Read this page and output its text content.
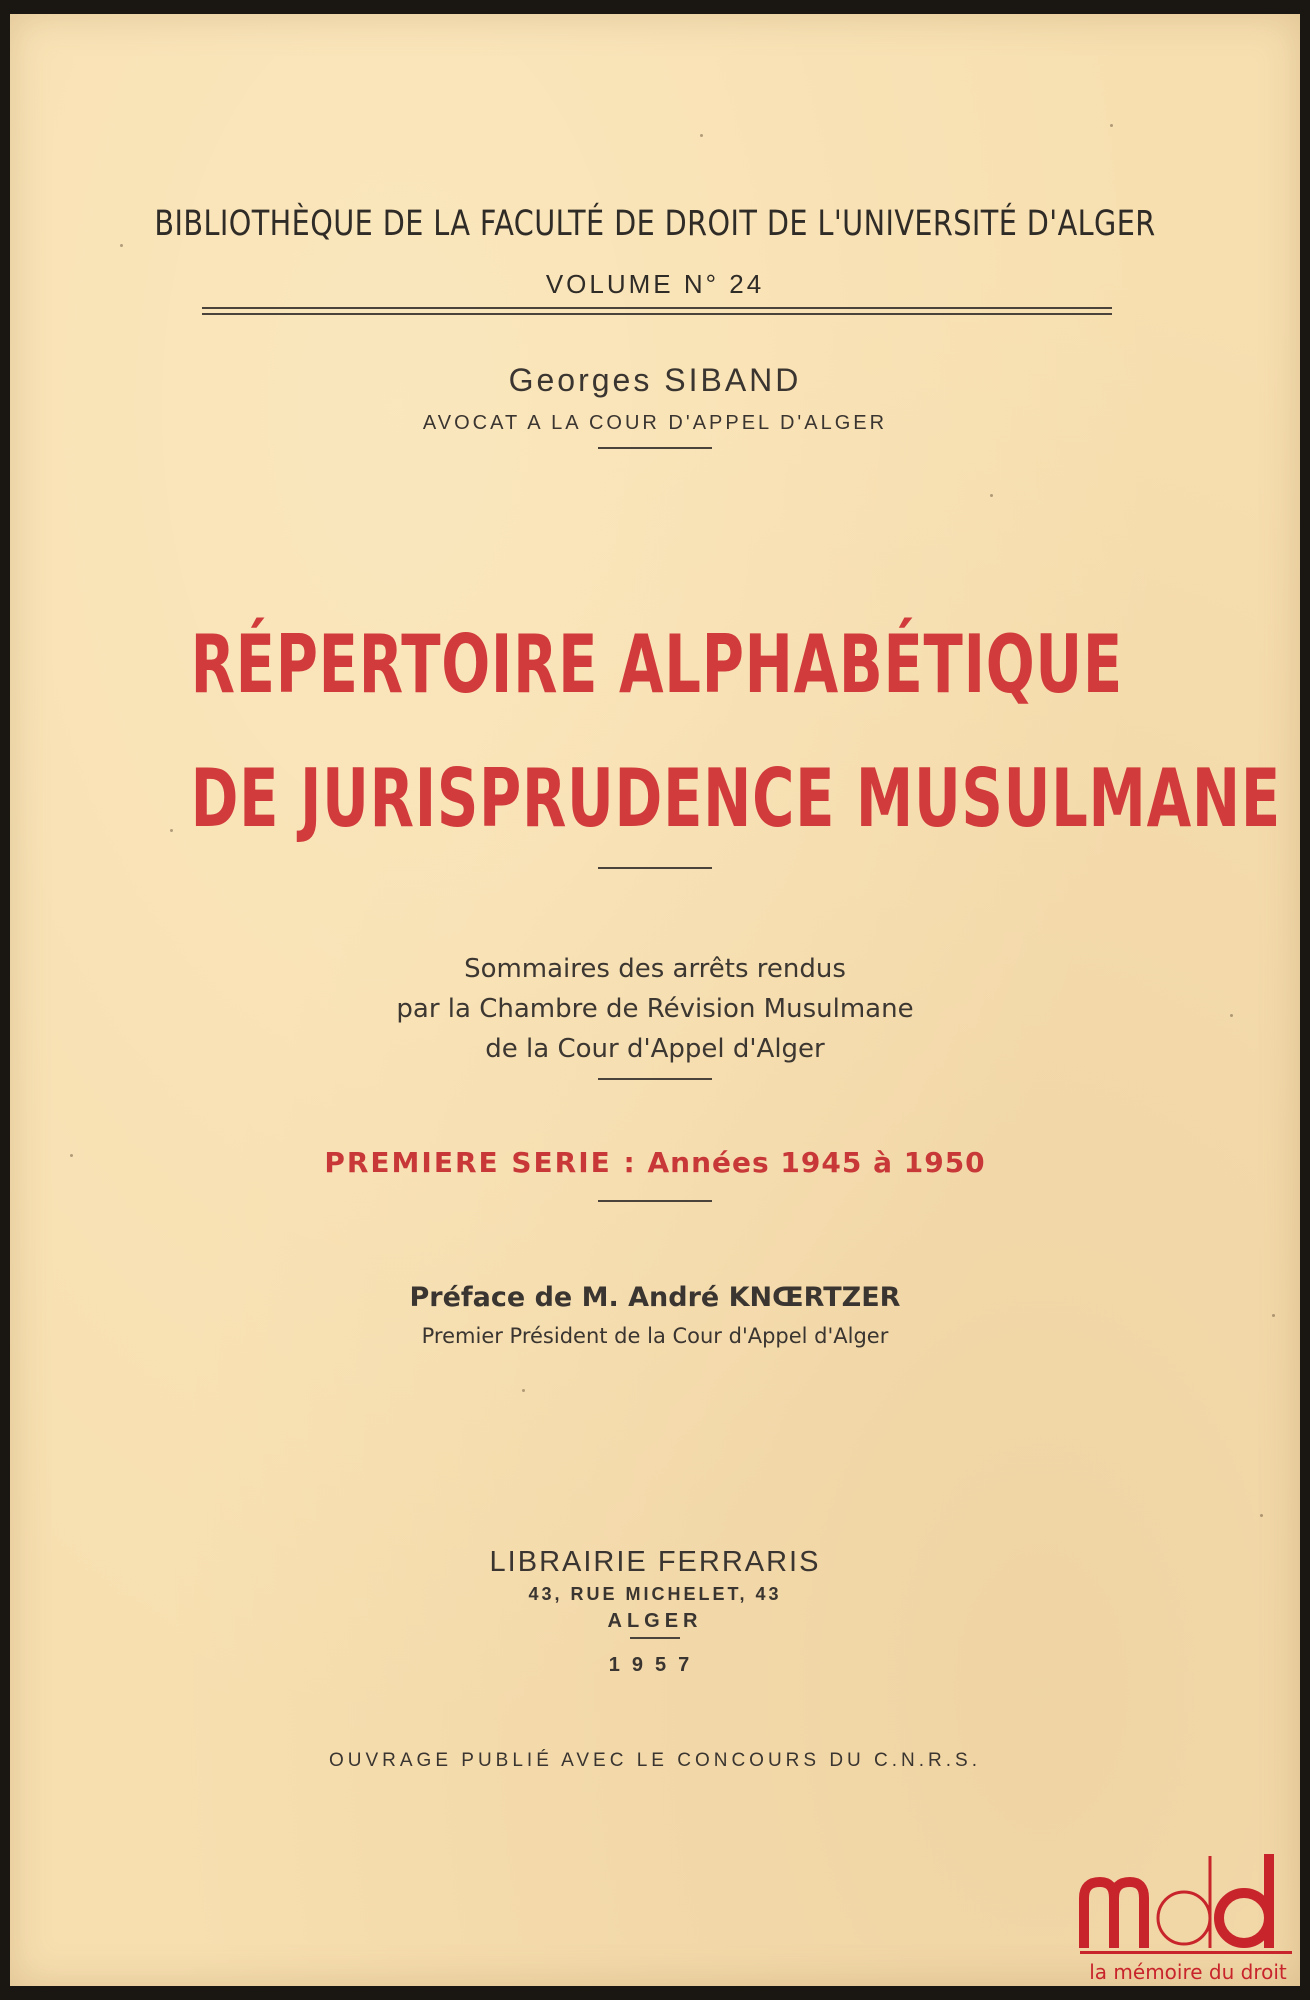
BIBLIOTHÈQUE DE LA FACULTÉ DE DROIT DE L'UNIVERSITÉ D'ALGER
VOLUME N° 24
Georges SIBAND
AVOCAT A LA COUR D'APPEL D'ALGER
RÉPERTOIRE ALPHABÉTIQUE
DE JURISPRUDENCE MUSULMANE
Sommaires des arrêts rendus
par la Chambre de Révision Musulmane
de la Cour d'Appel d'Alger
PREMIERE SERIE : Années 1945 à 1950
Préface de M. André KNŒRTZER
Premier Président de la Cour d'Appel d'Alger
LIBRAIRIE FERRARIS
43, RUE MICHELET, 43
ALGER
1957
OUVRAGE PUBLIÉ AVEC LE CONCOURS DU C.N.R.S.
la mémoire du droit
